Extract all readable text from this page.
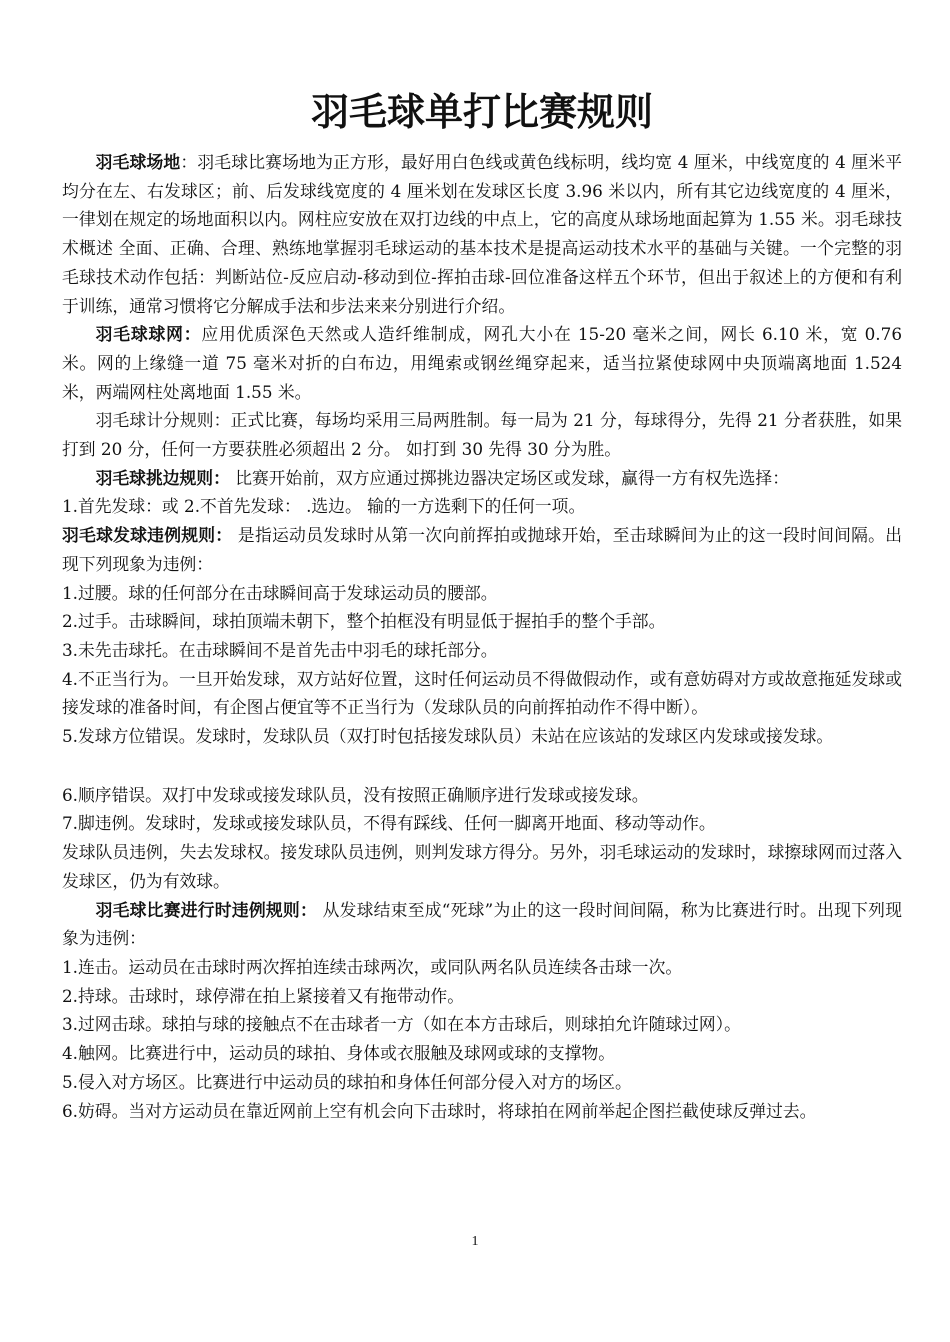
羽毛球单打比赛规则

羽毛球场地：羽毛球比赛场地为正方形，最好用白色线或黄色线标明，线均宽 4 厘米，中线宽度的 4 厘米平均分在左、右发球区；前、后发球线宽度的 4 厘米划在发球区长度 3.96 米以内，所有其它边线宽度的 4 厘米，一律划在规定的场地面积以内。网柱应安放在双打边线的中点上，它的高度从球场地面起算为 1.55 米。羽毛球技术概述 全面、正确、合理、熟练地掌握羽毛球运动的基本技术是提高运动技术水平的基础与关键。一个完整的羽毛球技术动作包括：判断站位-反应启动-移动到位-挥拍击球-回位准备这样五个环节，但出于叙述上的方便和有利于训练，通常习惯将它分解成手法和步法来来分别进行介绍。

羽毛球球网：应用优质深色天然或人造纤维制成，网孔大小在 15-20 毫米之间，网长 6.10 米，宽 0.76 米。网的上缘缝一道 75 毫米对折的白布边，用绳索或钢丝绳穿起来，适当拉紧使球网中央顶端离地面 1.524 米，两端网柱处离地面 1.55 米。

羽毛球计分规则：正式比赛，每场均采用三局两胜制。每一局为 21 分，每球得分，先得 21 分者获胜，如果打到 20 分，任何一方要获胜必须超出 2 分。 如打到 30 先得 30 分为胜。

羽毛球挑边规则： 比赛开始前，双方应通过掷挑边器决定场区或发球，赢得一方有权先选择：

1.首先发球：或 2.不首先发球： .选边。 输的一方选剩下的任何一项。

羽毛球发球违例规则： 是指运动员发球时从第一次向前挥拍或抛球开始，至击球瞬间为止的这一段时间间隔。出现下列现象为违例：

1.过腰。球的任何部分在击球瞬间高于发球运动员的腰部。

2.过手。击球瞬间，球拍顶端未朝下，整个拍框没有明显低于握拍手的整个手部。

3.未先击球托。在击球瞬间不是首先击中羽毛的球托部分。

4.不正当行为。一旦开始发球，双方站好位置，这时任何运动员不得做假动作，或有意妨碍对方或故意拖延发球或接发球的准备时间，有企图占便宜等不正当行为（发球队员的向前挥拍动作不得中断）。

5.发球方位错误。发球时，发球队员（双打时包括接发球队员）未站在应该站的发球区内发球或接发球。

6.顺序错误。双打中发球或接发球队员，没有按照正确顺序进行发球或接发球。

7.脚违例。发球时，发球或接发球队员，不得有踩线、任何一脚离开地面、移动等动作。

发球队员违例，失去发球权。接发球队员违例，则判发球方得分。另外，羽毛球运动的发球时，球擦球网而过落入发球区，仍为有效球。

羽毛球比赛进行时违例规则： 从发球结束至成“死球”为止的这一段时间间隔，称为比赛进行时。出现下列现象为违例：

1.连击。运动员在击球时两次挥拍连续击球两次，或同队两名队员连续各击球一次。

2.持球。击球时，球停滞在拍上紧接着又有拖带动作。

3.过网击球。球拍与球的接触点不在击球者一方（如在本方击球后，则球拍允许随球过网）。

4.触网。比赛进行中，运动员的球拍、身体或衣服触及球网或球的支撑物。

5.侵入对方场区。比赛进行中运动员的球拍和身体任何部分侵入对方的场区。

6.妨碍。当对方运动员在靠近网前上空有机会向下击球时，将球拍在网前举起企图拦截使球反弹过去。

1
